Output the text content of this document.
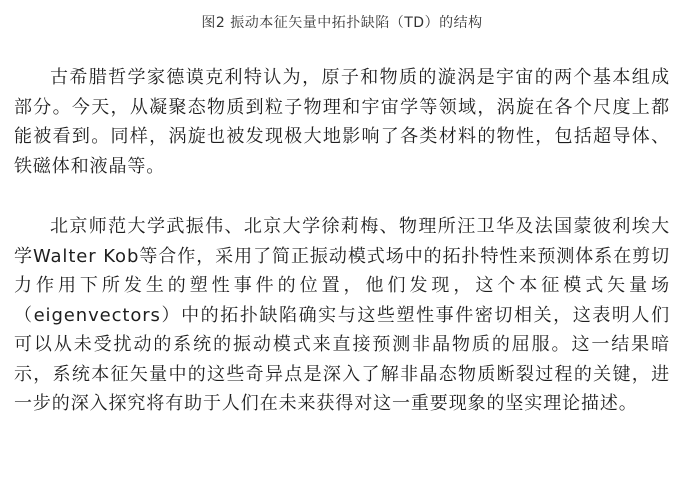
图2 振动本征矢量中拓扑缺陷（TD）的结构

古希腊哲学家德谟克利特认为，原子和物质的漩涡是宇宙的两个基本组成部分。今天，从凝聚态物质到粒子物理和宇宙学等领域，涡旋在各个尺度上都能被看到。同样，涡旋也被发现极大地影响了各类材料的物性，包括超导体、铁磁体和液晶等。

北京师范大学武振伟、北京大学徐莉梅、物理所汪卫华及法国蒙彼利埃大学Walter Kob等合作，采用了简正振动模式场中的拓扑特性来预测体系在剪切力作用下所发生的塑性事件的位置，他们发现，这个本征模式矢量场（eigenvectors）中的拓扑缺陷确实与这些塑性事件密切相关，这表明人们可以从未受扰动的系统的振动模式来直接预测非晶物质的屈服。这一结果暗示，系统本征矢量中的这些奇异点是深入了解非晶态物质断裂过程的关键，进一步的深入探究将有助于人们在未来获得对这一重要现象的坚实理论描述。
